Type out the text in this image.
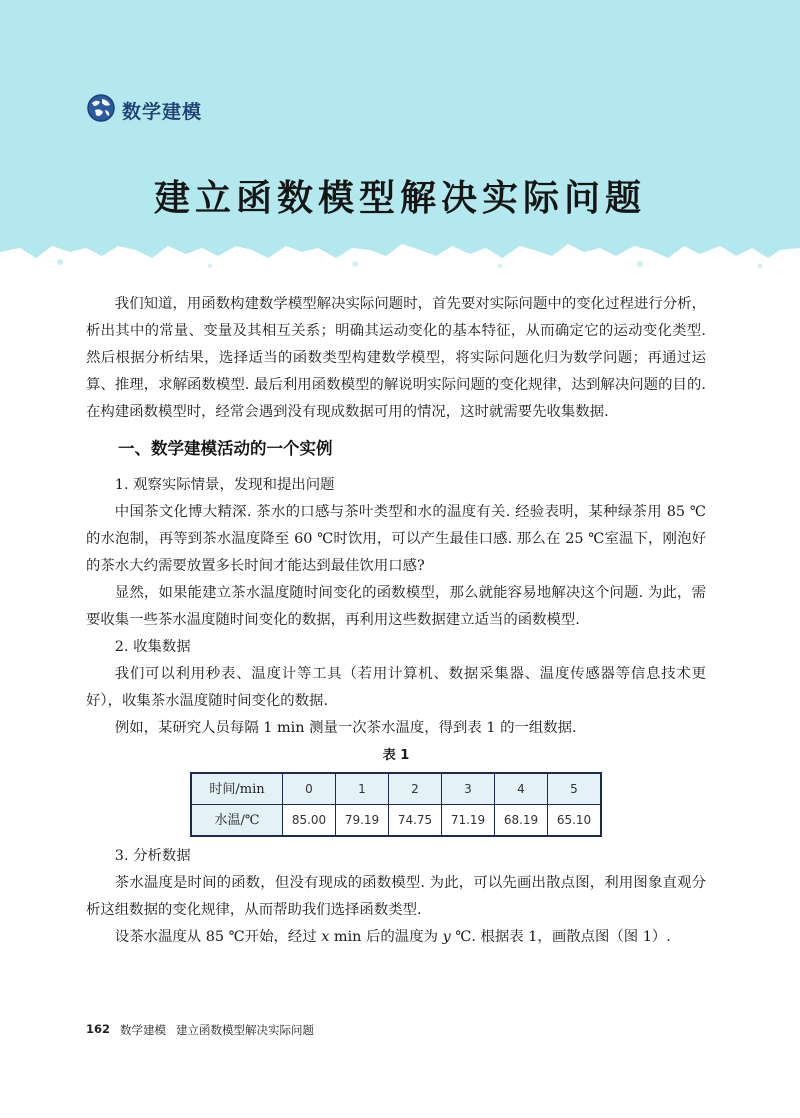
数学建模
建立函数模型解决实际问题

我们知道，用函数构建数学模型解决实际问题时，首先要对实际问题中的变化过程进行分析，析出其中的常量、变量及其相互关系；明确其运动变化的基本特征，从而确定它的运动变化类型. 然后根据分析结果，选择适当的函数类型构建数学模型，将实际问题化归为数学问题；再通过运算、推理，求解函数模型. 最后利用函数模型的解说明实际问题的变化规律，达到解决问题的目的. 在构建函数模型时，经常会遇到没有现成数据可用的情况，这时就需要先收集数据.

一、数学建模活动的一个实例
1. 观察实际情景，发现和提出问题

中国茶文化博大精深. 茶水的口感与茶叶类型和水的温度有关. 经验表明，某种绿茶用 85 ℃的水泡制，再等到茶水温度降至 60 ℃时饮用，可以产生最佳口感. 那么在 25 ℃室温下，刚泡好的茶水大约需要放置多长时间才能达到最佳饮用口感?

显然，如果能建立茶水温度随时间变化的函数模型，那么就能容易地解决这个问题. 为此，需要收集一些茶水温度随时间变化的数据，再利用这些数据建立适当的函数模型.

2. 收集数据

我们可以利用秒表、温度计等工具（若用计算机、数据采集器、温度传感器等信息技术更好），收集茶水温度随时间变化的数据.

例如，某研究人员每隔 1 min 测量一次茶水温度，得到表 1 的一组数据.

表 1
时间/min	0	1	2	3	4	5
水温/℃	85.00	79.19	74.75	71.19	68.19	65.10
3. 分析数据

茶水温度是时间的函数，但没有现成的函数模型. 为此，可以先画出散点图，利用图象直观分析这组数据的变化规律，从而帮助我们选择函数类型.

设茶水温度从 85 ℃开始，经过 x min 后的温度为 y ℃. 根据表 1，画散点图（图 1）.

162 数学建模 建立函数模型解决实际问题
